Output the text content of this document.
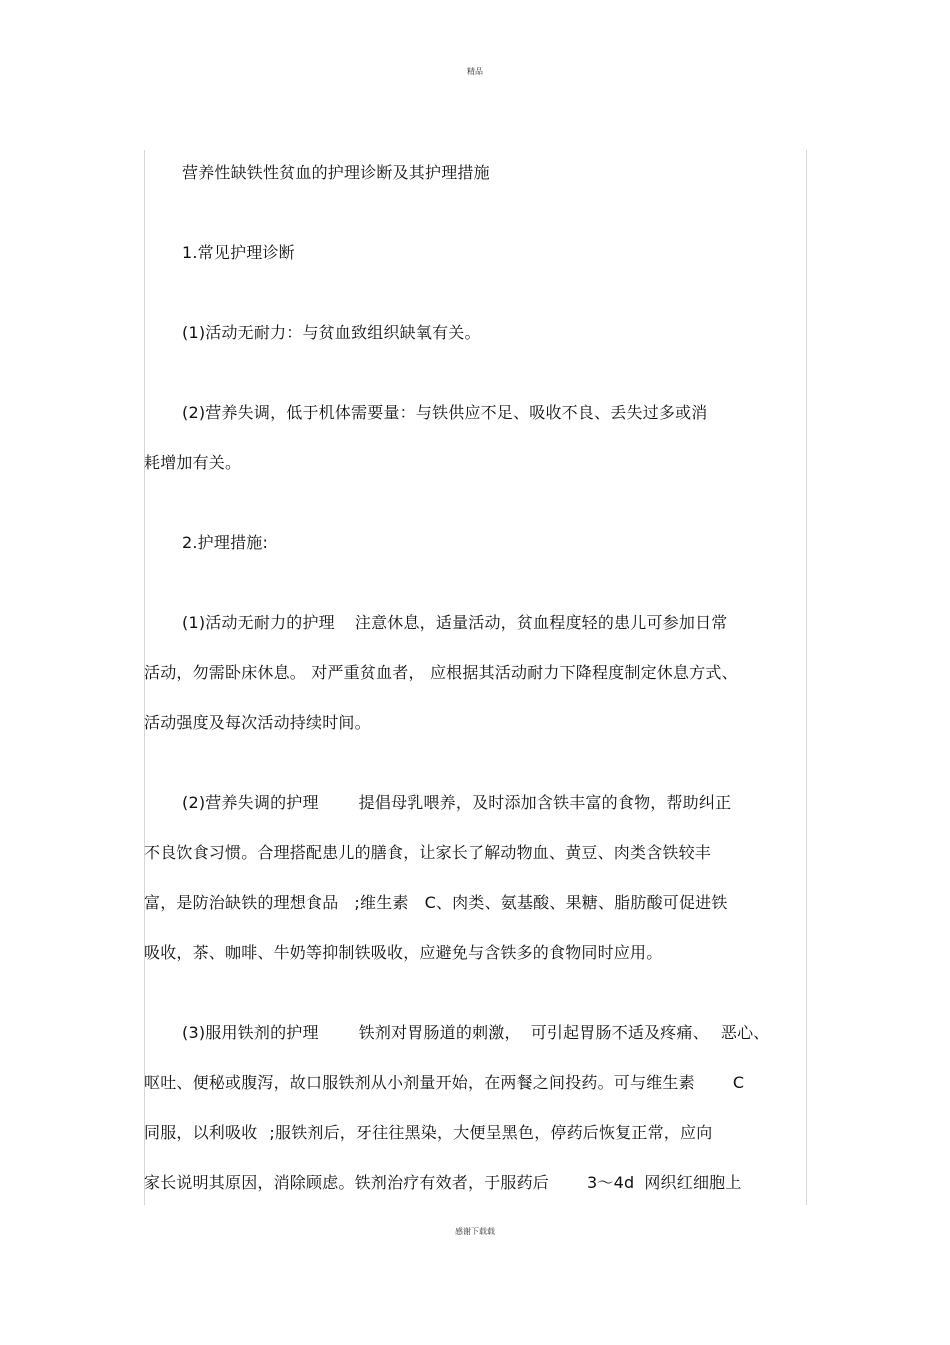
精品
营养性缺铁性贫血的护理诊断及其护理措施
1.常见护理诊断
(1)活动无耐力：与贫血致组织缺氧有关。
(2)营养失调，低于机体需要量：与铁供应不足、吸收不良、丢失过多或消
耗增加有关。
2.护理措施:
(1)活动无耐力的护理 注意休息，适量活动，贫血程度轻的患儿可参加日常
活动，勿需卧床休息。 对严重贫血者， 应根据其活动耐力下降程度制定休息方式、
活动强度及每次活动持续时间。
(2)营养失调的护理	提倡母乳喂养，及时添加含铁丰富的食物，帮助纠正
不良饮食习惯。合理搭配患儿的膳食，让家长了解动物血、黄豆、肉类含铁较丰
富，是防治缺铁的理想食品 ;维生素 C、肉类、氨基酸、果糖、脂肪酸可促进铁
吸收，茶、咖啡、牛奶等抑制铁吸收，应避免与含铁多的食物同时应用。
(3)服用铁剂的护理	铁剂对胃肠道的刺激， 可引起胃肠不适及疼痛、 恶心、
呕吐、便秘或腹泻，故口服铁剂从小剂量开始，在两餐之间投药。可与维生素 C
同服，以利吸收 ;服铁剂后，牙往往黑染，大便呈黑色，停药后恢复正常，应向
家长说明其原因，消除顾虑。铁剂治疗有效者，于服药后 3～4d 网织红细胞上
感谢下载载
